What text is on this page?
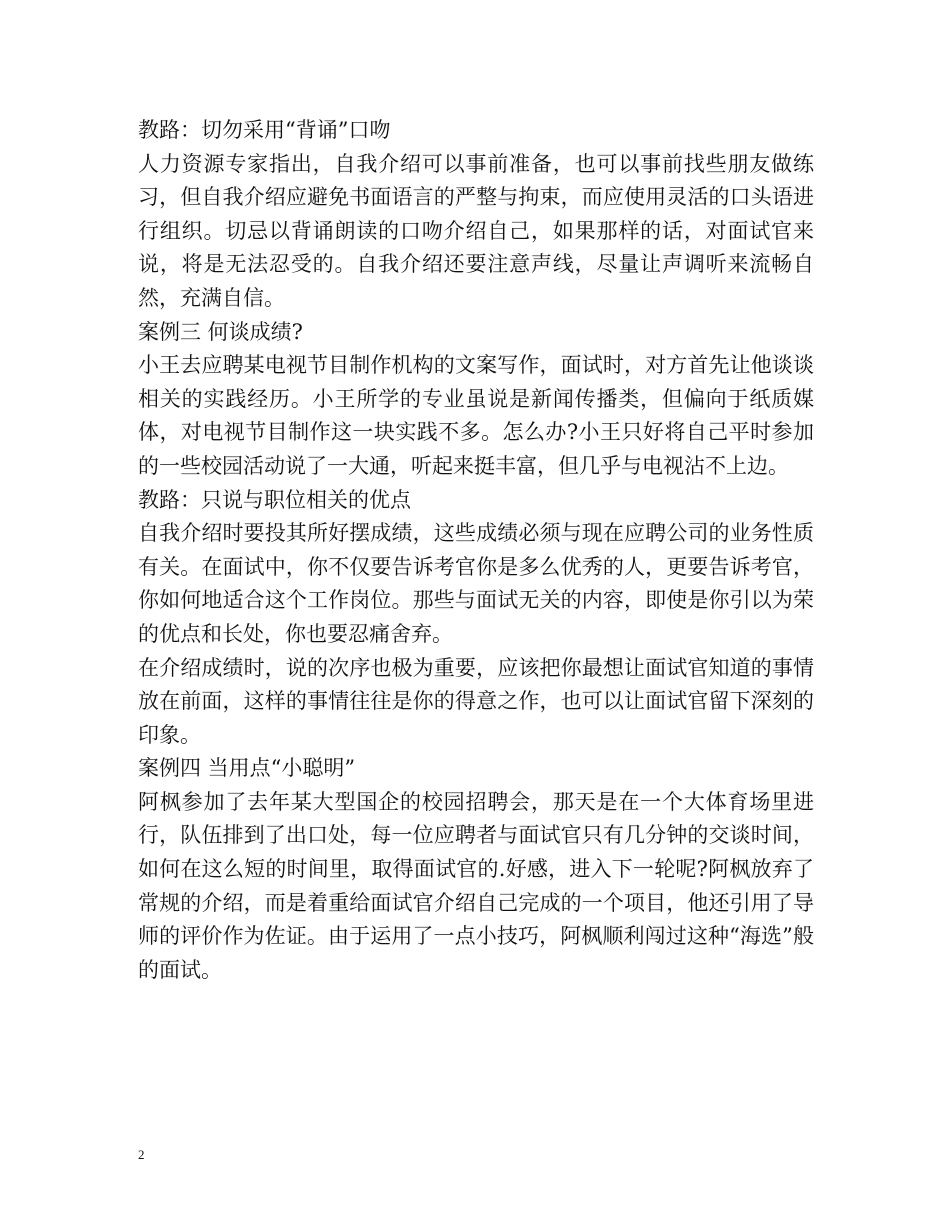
教路：切勿采用“背诵”口吻

人力资源专家指出，自我介绍可以事前准备，也可以事前找些朋友做练习，但自我介绍应避免书面语言的严整与拘束，而应使用灵活的口头语进行组织。切忌以背诵朗读的口吻介绍自己，如果那样的话，对面试官来说，将是无法忍受的。自我介绍还要注意声线，尽量让声调听来流畅自然，充满自信。

案例三 何谈成绩?

小王去应聘某电视节目制作机构的文案写作，面试时，对方首先让他谈谈相关的实践经历。小王所学的专业虽说是新闻传播类，但偏向于纸质媒体，对电视节目制作这一块实践不多。怎么办?小王只好将自己平时参加的一些校园活动说了一大通，听起来挺丰富，但几乎与电视沾不上边。

教路：只说与职位相关的优点

自我介绍时要投其所好摆成绩，这些成绩必须与现在应聘公司的业务性质有关。在面试中，你不仅要告诉考官你是多么优秀的人，更要告诉考官，你如何地适合这个工作岗位。那些与面试无关的内容，即使是你引以为荣的优点和长处，你也要忍痛舍弃。

在介绍成绩时，说的次序也极为重要，应该把你最想让面试官知道的事情放在前面，这样的事情往往是你的得意之作，也可以让面试官留下深刻的印象。

案例四 当用点“小聪明”

阿枫参加了去年某大型国企的校园招聘会，那天是在一个大体育场里进行，队伍排到了出口处，每一位应聘者与面试官只有几分钟的交谈时间，如何在这么短的时间里，取得面试官的.好感，进入下一轮呢?阿枫放弃了常规的介绍，而是着重给面试官介绍自己完成的一个项目，他还引用了导师的评价作为佐证。由于运用了一点小技巧，阿枫顺利闯过这种“海选”般的面试。

2
